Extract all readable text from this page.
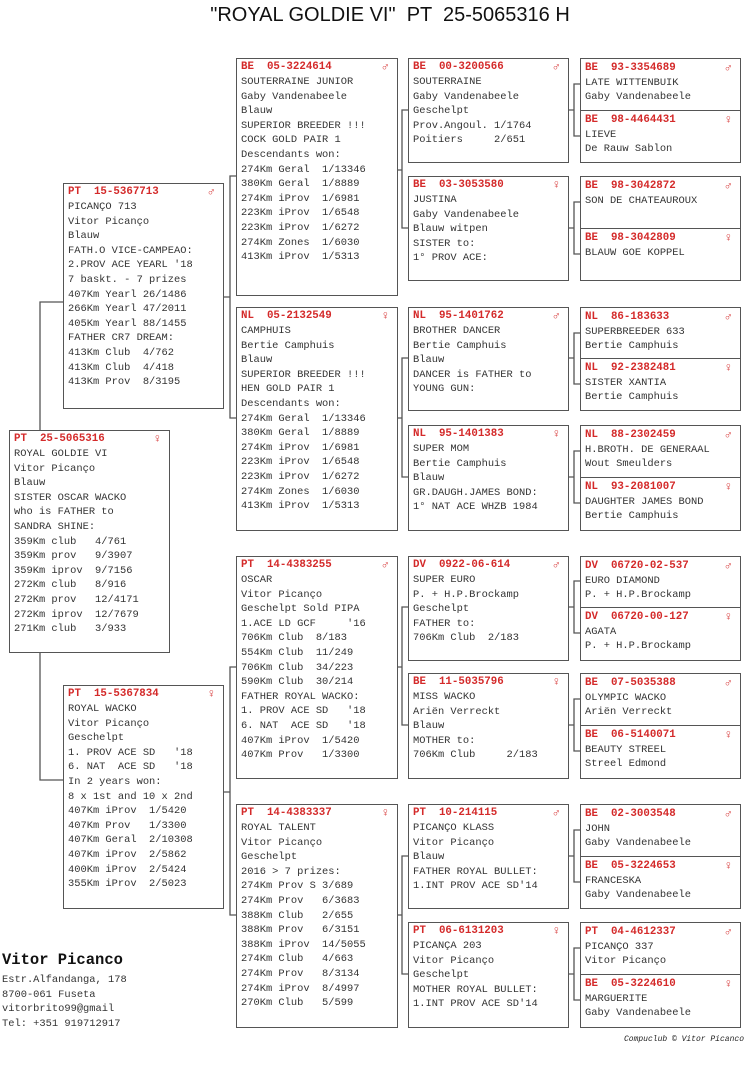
"ROYAL GOLDIE VI"  PT  25-5065316 H
PT 25-5065316	♀
ROYAL GOLDIE VI
Vitor Picanço
Blauw
SISTER OSCAR WACKO
who is FATHER to
SANDRA SHINE:
359Km club   4/761
359Km prov   9/3907
359Km iprov  9/7156
272Km club   8/916
272Km prov   12/4171
272Km iprov  12/7679
271Km club   3/933
PT 15-5367713	♂
PICANÇO 713
Vitor Picanço
Blauw
FATH.O VICE-CAMPEAO:
2.PROV ACE YEARL '18
7 baskt. - 7 prizes
407Km Yearl 26/1486
266Km Yearl 47/2011
405Km Yearl 88/1455
FATHER CR7 DREAM:
413Km Club  4/762
413Km Club  4/418
413Km Prov  8/3195
PT 15-5367834	♀
ROYAL WACKO
Vitor Picanço
Geschelpt
1. PROV ACE SD   '18
6. NAT  ACE SD   '18
In 2 years won:
8 x 1st and 10 x 2nd
407Km iProv  1/5420
407Km Prov   1/3300
407Km Geral  2/10308
407Km iProv  2/5862
400Km iProv  2/5424
355Km iProv  2/5023
BE 05-3224614	♂
SOUTERRAINE JUNIOR
Gaby Vandenabeele
Blauw
SUPERIOR BREEDER !!!
COCK GOLD PAIR 1
Descendants won:
274Km Geral  1/13346
380Km Geral  1/8889
274Km iProv  1/6981
223Km iProv  1/6548
223Km iProv  1/6272
274Km Zones  1/6030
413Km iProv  1/5313
NL 05-2132549	♀
CAMPHUIS
Bertie Camphuis
Blauw
SUPERIOR BREEDER !!!
HEN GOLD PAIR 1
Descendants won:
274Km Geral  1/13346
380Km Geral  1/8889
274Km iProv  1/6981
223Km iProv  1/6548
223Km iProv  1/6272
274Km Zones  1/6030
413Km iProv  1/5313
PT 14-4383255	♂
OSCAR
Vitor Picanço
Geschelpt Sold PIPA
1.ACE LD GCF     '16
706Km Club  8/183
554Km Club  11/249
706Km Club  34/223
590Km Club  30/214
FATHER ROYAL WACKO:
1. PROV ACE SD   '18
6. NAT  ACE SD   '18
407Km iProv  1/5420
407Km Prov   1/3300
PT 14-4383337	♀
ROYAL TALENT
Vitor Picanço
Geschelpt
2016 > 7 prizes:
274Km Prov S 3/689
274Km Prov   6/3683
388Km Club   2/655
388Km Prov   6/3151
388Km iProv  14/5055
274Km Club   4/663
274Km Prov   8/3134
274Km iProv  8/4997
270Km Club   5/599
BE 00-3200566	♂
SOUTERRAINE
Gaby Vandenabeele
Geschelpt
Prov.Angoul. 1/1764
Poitiers     2/651
BE 03-3053580	♀
JUSTINA
Gaby Vandenabeele
Blauw witpen
SISTER to:
1° PROV ACE:
NL 95-1401762	♂
BROTHER DANCER
Bertie Camphuis
Blauw
DANCER is FATHER to
YOUNG GUN:
NL 95-1401383	♀
SUPER MOM
Bertie Camphuis
Blauw
GR.DAUGH.JAMES BOND:
1° NAT ACE WHZB 1984
DV 0922-06-614	♂
SUPER EURO
P. + H.P.Brockamp
Geschelpt
FATHER to:
706Km Club  2/183
BE 11-5035796	♀
MISS WACKO
Ariën Verreckt
Blauw
MOTHER to:
706Km Club     2/183
PT 10-214115	♂
PICANÇO KLASS
Vitor Picanço
Blauw
FATHER ROYAL BULLET:
1.INT PROV ACE SD'14
PT 06-6131203	♀
PICANÇA 203
Vitor Picanço
Geschelpt
MOTHER ROYAL BULLET:
1.INT PROV ACE SD'14
BE 93-3354689	♂
LATE WITTENBUIK
Gaby Vandenabeele
BE 98-4464431	♀
LIEVE
De Rauw Sablon
BE 98-3042872	♂
SON DE CHATEAUROUX
BE 98-3042809	♀
BLAUW GOE KOPPEL
NL 86-183633	♂
SUPERBREEDER 633
Bertie Camphuis
NL 92-2382481	♀
SISTER XANTIA
Bertie Camphuis
NL 88-2302459	♂
H.BROTH. DE GENERAAL
Wout Smeulders
NL 93-2081007	♀
DAUGHTER JAMES BOND
Bertie Camphuis
DV 06720-02-537	♂
EURO DIAMOND
P. + H.P.Brockamp
DV 06720-00-127	♀
AGATA
P. + H.P.Brockamp
BE 07-5035388	♂
OLYMPIC WACKO
Ariën Verreckt
BE 06-5140071	♀
BEAUTY STREEL
Streel Edmond
BE 02-3003548	♂
JOHN
Gaby Vandenabeele
BE 05-3224653	♀
FRANCESKA
Gaby Vandenabeele
PT 04-4612337	♂
PICANÇO 337
Vitor Picanço
BE 05-3224610	♀
MARGUERITE
Gaby Vandenabeele
Vitor Picanco
Estr.Alfandanga, 178
8700-061 Fuseta
vitorbrito99@gmail
Tel: +351 919712917
Compuclub © Vitor Picanco
